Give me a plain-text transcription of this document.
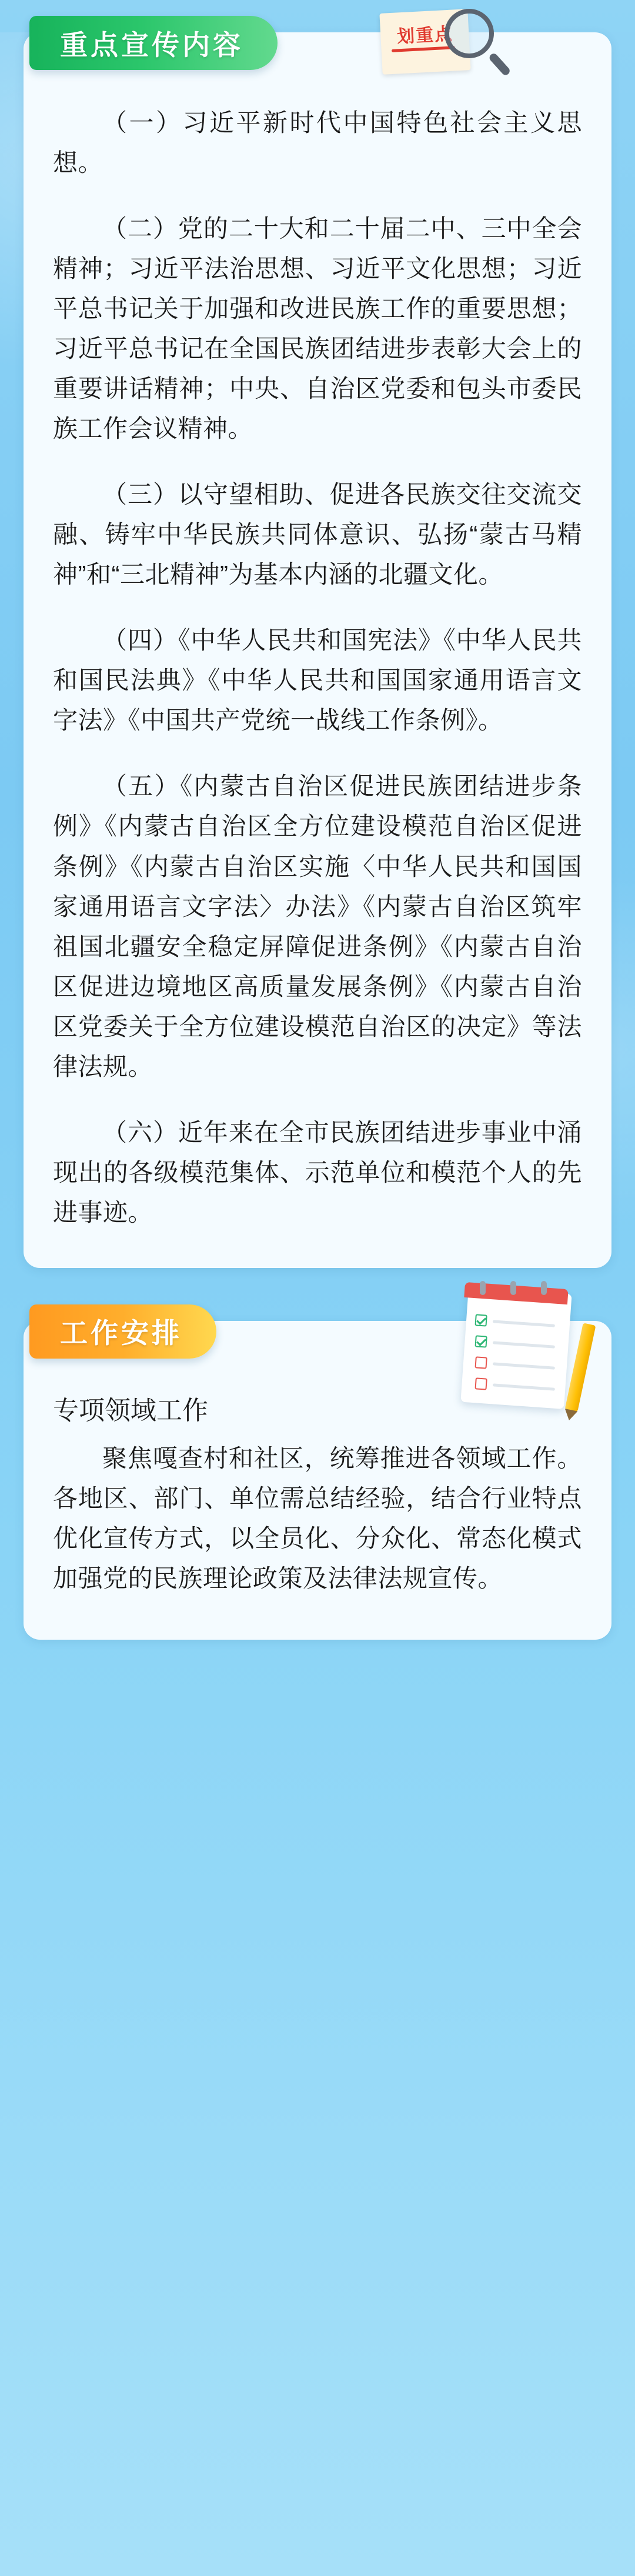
重点宣传内容	划重点

（一）习近平新时代中国特色社会主义思想。

（二）党的二十大和二十届二中、三中全会精神；习近平法治思想、习近平文化思想；习近平总书记关于加强和改进民族工作的重要思想；习近平总书记在全国民族团结进步表彰大会上的重要讲话精神；中央、自治区党委和包头市委民族工作会议精神。

（三）以守望相助、促进各民族交往交流交融、铸牢中华民族共同体意识、弘扬“蒙古马精神”和“三北精神”为基本内涵的北疆文化。

（四）《中华人民共和国宪法》《中华人民共和国民法典》《中华人民共和国国家通用语言文字法》《中国共产党统一战线工作条例》。

（五）《内蒙古自治区促进民族团结进步条例》《内蒙古自治区全方位建设模范自治区促进条例》《内蒙古自治区实施〈中华人民共和国国家通用语言文字法〉办法》《内蒙古自治区筑牢祖国北疆安全稳定屏障促进条例》《内蒙古自治区促进边境地区高质量发展条例》《内蒙古自治区党委关于全方位建设模范自治区的决定》等法律法规。

（六）近年来在全市民族团结进步事业中涌现出的各级模范集体、示范单位和模范个人的先进事迹。

工作安排

专项领域工作

聚焦嘎查村和社区，统筹推进各领域工作。各地区、部门、单位需总结经验，结合行业特点优化宣传方式，以全员化、分众化、常态化模式加强党的民族理论政策及法律法规宣传。
